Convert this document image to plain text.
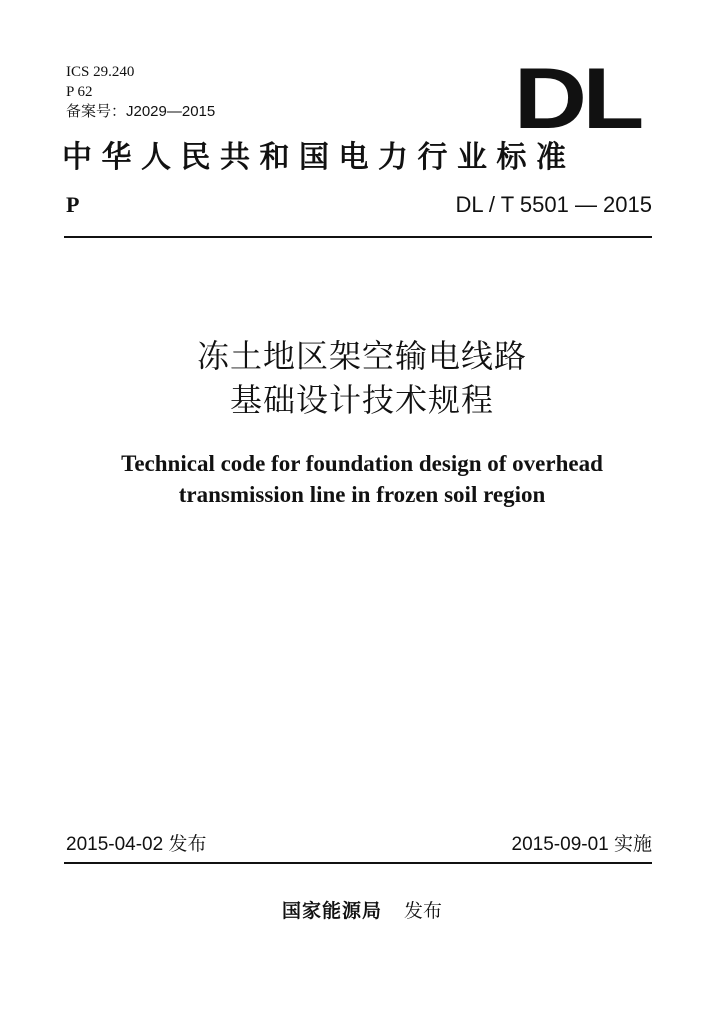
ICS 29.240
P 62
备案号：J2029—2015	DL
中华人民共和国电力行业标准
P	DL / T 5501 — 2015
冻土地区架空输电线路
基础设计技术规程
Technical code for foundation design of overhead
transmission line in frozen soil region
2015-04-02 发布	2015-09-01 实施
国家能源局 发布
